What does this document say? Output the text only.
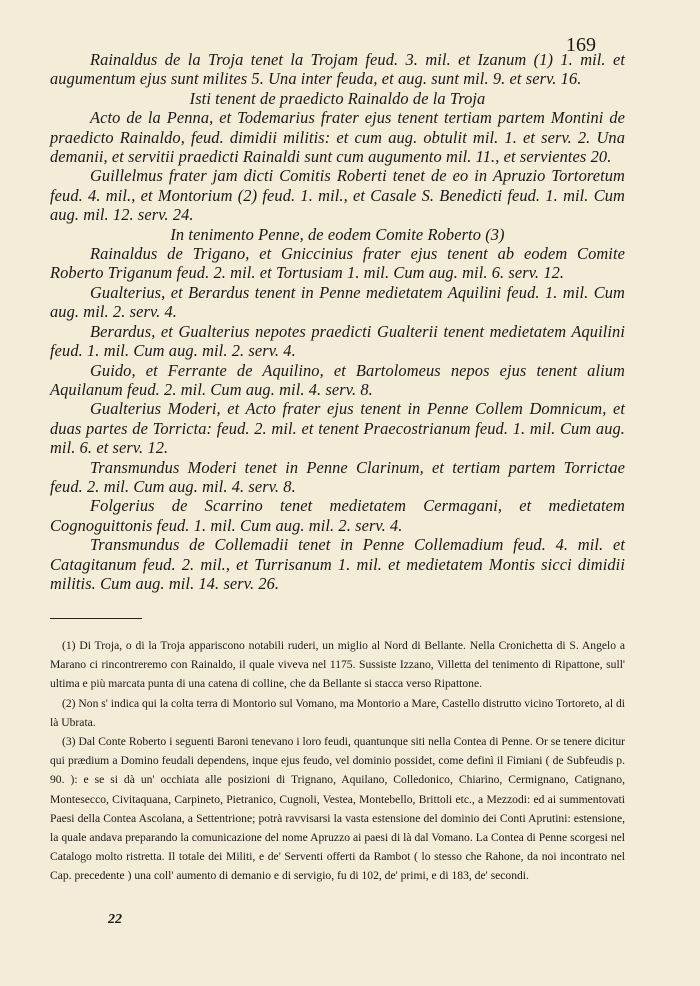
169

Rainaldus de la Troja tenet la Trojam feud. 3. mil. et Izanum (1) 1. mil. et augumentum ejus sunt milites 5. Una inter feuda, et aug. sunt mil. 9. et serv. 16.

Isti tenent de praedicto Rainaldo de la Troja

Acto de la Penna, et Todemarius frater ejus tenent tertiam partem Montini de praedicto Rainaldo, feud. dimidii militis: et cum aug. obtulit mil. 1. et serv. 2. Una demanii, et servitii praedicti Rainaldi sunt cum augumento mil. 11., et servientes 20.

Guillelmus frater jam dicti Comitis Roberti tenet de eo in Apruzio Tortoretum feud. 4. mil., et Montorium (2) feud. 1. mil., et Casale S. Benedicti feud. 1. mil. Cum aug. mil. 12. serv. 24.

In tenimento Penne, de eodem Comite Roberto (3)

Rainaldus de Trigano, et Gniccinius frater ejus tenent ab eodem Comite Roberto Triganum feud. 2. mil. et Tortusiam 1. mil. Cum aug. mil. 6. serv. 12.

Gualterius, et Berardus tenent in Penne medietatem Aquilini feud. 1. mil. Cum aug. mil. 2. serv. 4.

Berardus, et Gualterius nepotes praedicti Gualterii tenent medietatem Aquilini feud. 1. mil. Cum aug. mil. 2. serv. 4.

Guido, et Ferrante de Aquilino, et Bartolomeus nepos ejus tenent alium Aquilanum feud. 2. mil. Cum aug. mil. 4. serv. 8.

Gualterius Moderi, et Acto frater ejus tenent in Penne Collem Domnicum, et duas partes de Torricta: feud. 2. mil. et tenent Praecostrianum feud. 1. mil. Cum aug. mil. 6. et serv. 12.

Transmundus Moderi tenet in Penne Clarinum, et tertiam partem Torrictae feud. 2. mil. Cum aug. mil. 4. serv. 8.

Folgerius de Scarrino tenet medietatem Cermagani, et medietatem Cognoguittonis feud. 1. mil. Cum aug. mil. 2. serv. 4.

Transmundus de Collemadii tenet in Penne Collemadium feud. 4. mil. et Catagitanum feud. 2. mil., et Turrisanum 1. mil. et medietatem Montis sicci dimidii militis. Cum aug. mil. 14. serv. 26.

(1) Di Troja, o di la Troja appariscono notabili ruderi, un miglio al Nord di Bellante. Nella Cronichetta di S. Angelo a Marano ci rincontreremo con Rainaldo, il quale viveva nel 1175. Sussiste Izzano, Villetta del tenimento di Ripattone, sull' ultima e più marcata punta di una catena di colline, che da Bellante si stacca verso Ripattone.

(2) Non s' indica qui la colta terra di Montorio sul Vomano, ma Montorio a Mare, Castello distrutto vicino Tortoreto, al di là Ubrata.

(3) Dal Conte Roberto i seguenti Baroni tenevano i loro feudi, quantunque siti nella Contea di Penne. Or se tenere dicitur qui prædium a Domino feudali dependens, inque ejus feudo, vel dominio possidet, come definì il Fimiani ( de Subfeudis p. 90. ): e se si dà un' occhiata alle posizioni di Trignano, Aquilano, Colledonico, Chiarino, Cermignano, Catignano, Montesecco, Civitaquana, Carpineto, Pietranico, Cugnoli, Vestea, Montebello, Brittoli etc., a Mezzodi: ed ai summentovati Paesi della Contea Ascolana, a Settentrione; potrà ravvisarsi la vasta estensione del dominio dei Conti Aprutini: estensione, la quale andava preparando la comunicazione del nome Apruzzo ai paesi di là dal Vomano. La Contea di Penne scorgesi nel Catalogo molto ristretta. Il totale dei Militi, e de' Serventi offerti da Rambot ( lo stesso che Rahone, da noi incontrato nel Cap. precedente ) una coll' aumento di demanio e di servigio, fu di 102, de' primi, e di 183, de' secondi.

22
